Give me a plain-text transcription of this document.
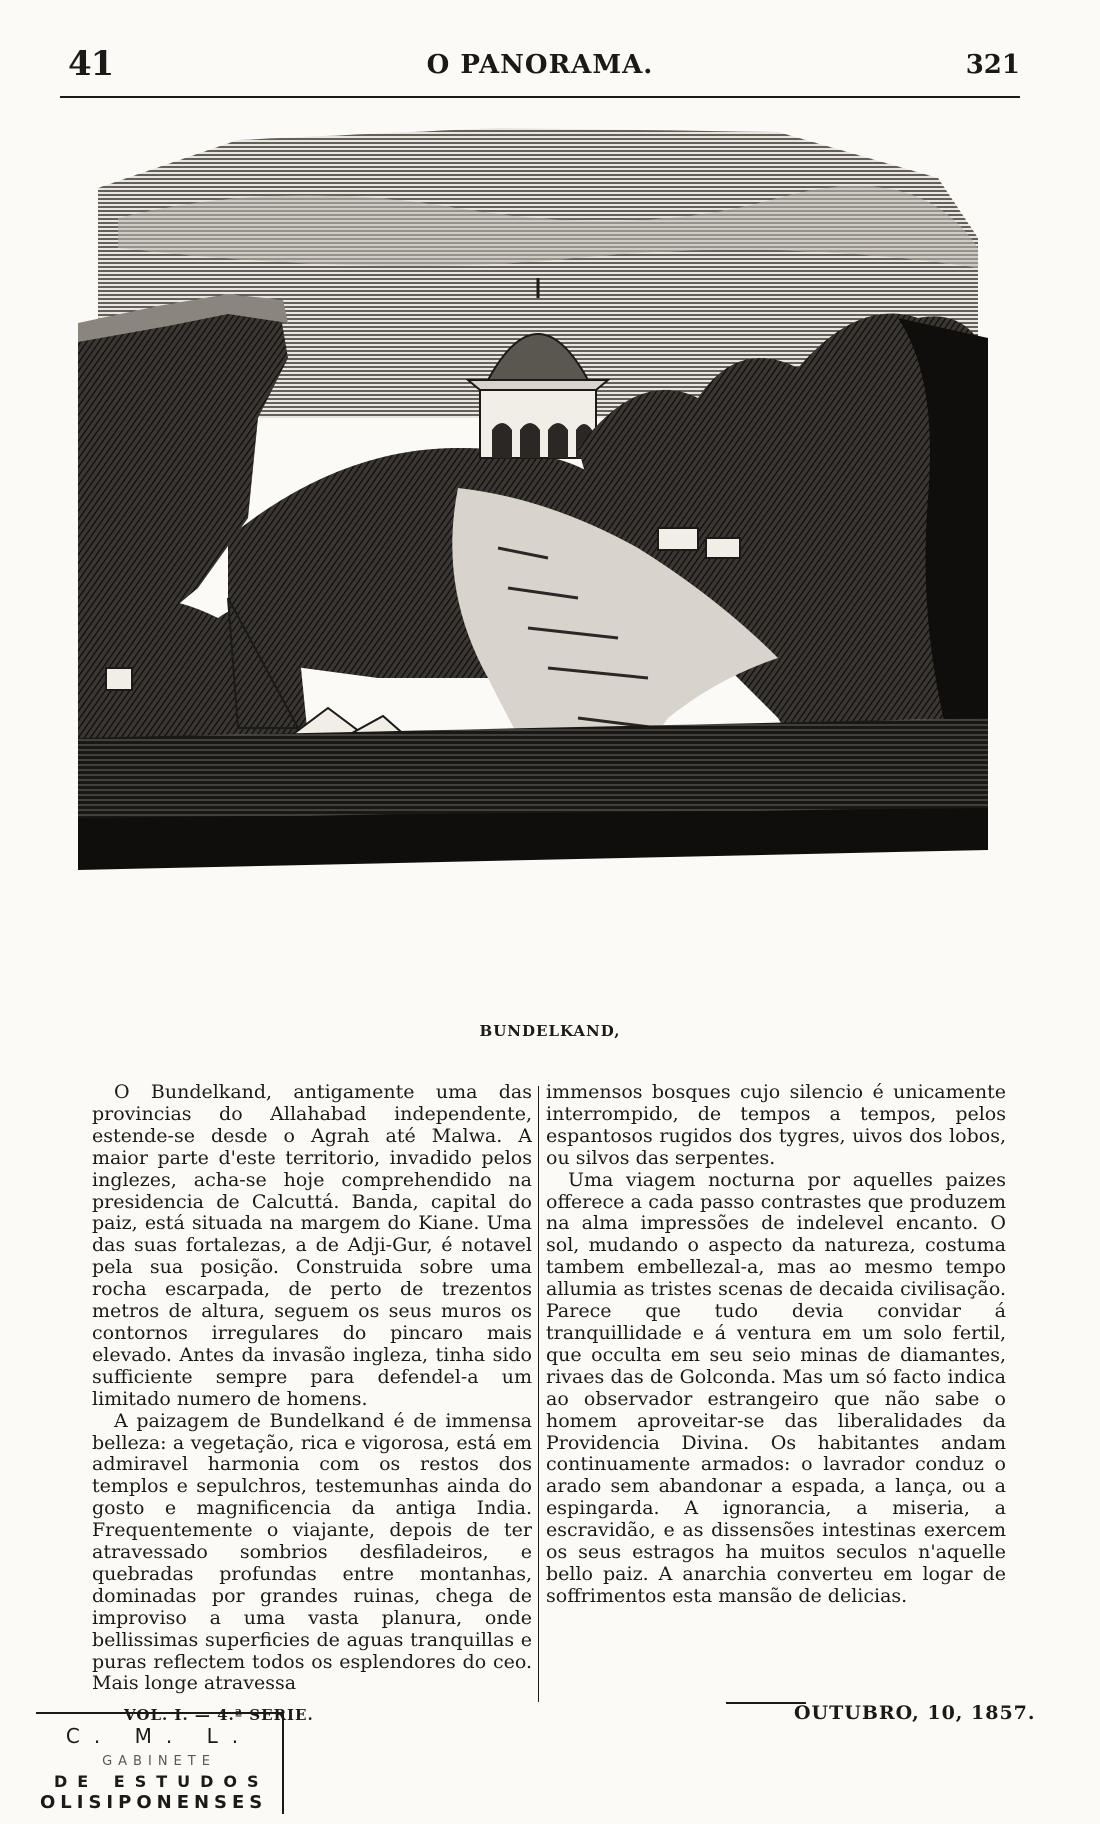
41	O PANORAMA.	321
BUNDELKAND,

O Bundelkand, antigamente uma das provincias do Allahabad independente, estende-se desde o Agrah até Malwa. A maior parte d'este territorio, invadido pelos inglezes, acha-se hoje comprehendido na presidencia de Calcuttá. Banda, capital do paiz, está situada na margem do Kiane. Uma das suas fortalezas, a de Adji-Gur, é notavel pela sua posição. Construida sobre uma rocha escarpada, de perto de trezentos metros de altura, seguem os seus muros os contornos irregulares do pincaro mais elevado. Antes da invasão ingleza, tinha sido sufficiente sempre para defendel-a um limitado numero de homens.

A paizagem de Bundelkand é de immensa belleza: a vegetação, rica e vigorosa, está em admiravel harmonia com os restos dos templos e sepulchros, testemunhas ainda do gosto e magnificencia da antiga India. Frequentemente o viajante, depois de ter atravessado sombrios desfiladeiros, e quebradas profundas entre montanhas, dominadas por grandes ruinas, chega de improviso a uma vasta planura, onde bellissimas superficies de aguas tranquillas e puras reflectem todos os esplendores do ceo. Mais longe atravessa

immensos bosques cujo silencio é unicamente interrompido, de tempos a tempos, pelos espantosos rugidos dos tygres, uivos dos lobos, ou silvos das serpentes.

Uma viagem nocturna por aquelles paizes offerece a cada passo contrastes que produzem na alma impressões de indelevel encanto. O sol, mudando o aspecto da natureza, costuma tambem embellezal-a, mas ao mesmo tempo allumia as tristes scenas de decaida civilisação. Parece que tudo devia convidar á tranquillidade e á ventura em um solo fertil, que occulta em seu seio minas de diamantes, rivaes das de Golconda. Mas um só facto indica ao observador estrangeiro que não sabe o homem aproveitar-se das liberalidades da Providencia Divina. Os habitantes andam continuamente armados: o lavrador conduz o arado sem abandonar a espada, a lança, ou a espingarda. A ignorancia, a miseria, a escravidão, e as dissensões intestinas exercem os seus estragos ha muitos seculos n'aquelle bello paiz. A anarchia converteu em logar de soffrimentos esta mansão de delicias.

VOL. I. — 4.ª SERIE.	OUTUBRO, 10, 1857.
C. M. L.
GABINETE
DE ESTUDOS
OLISIPONENSES
